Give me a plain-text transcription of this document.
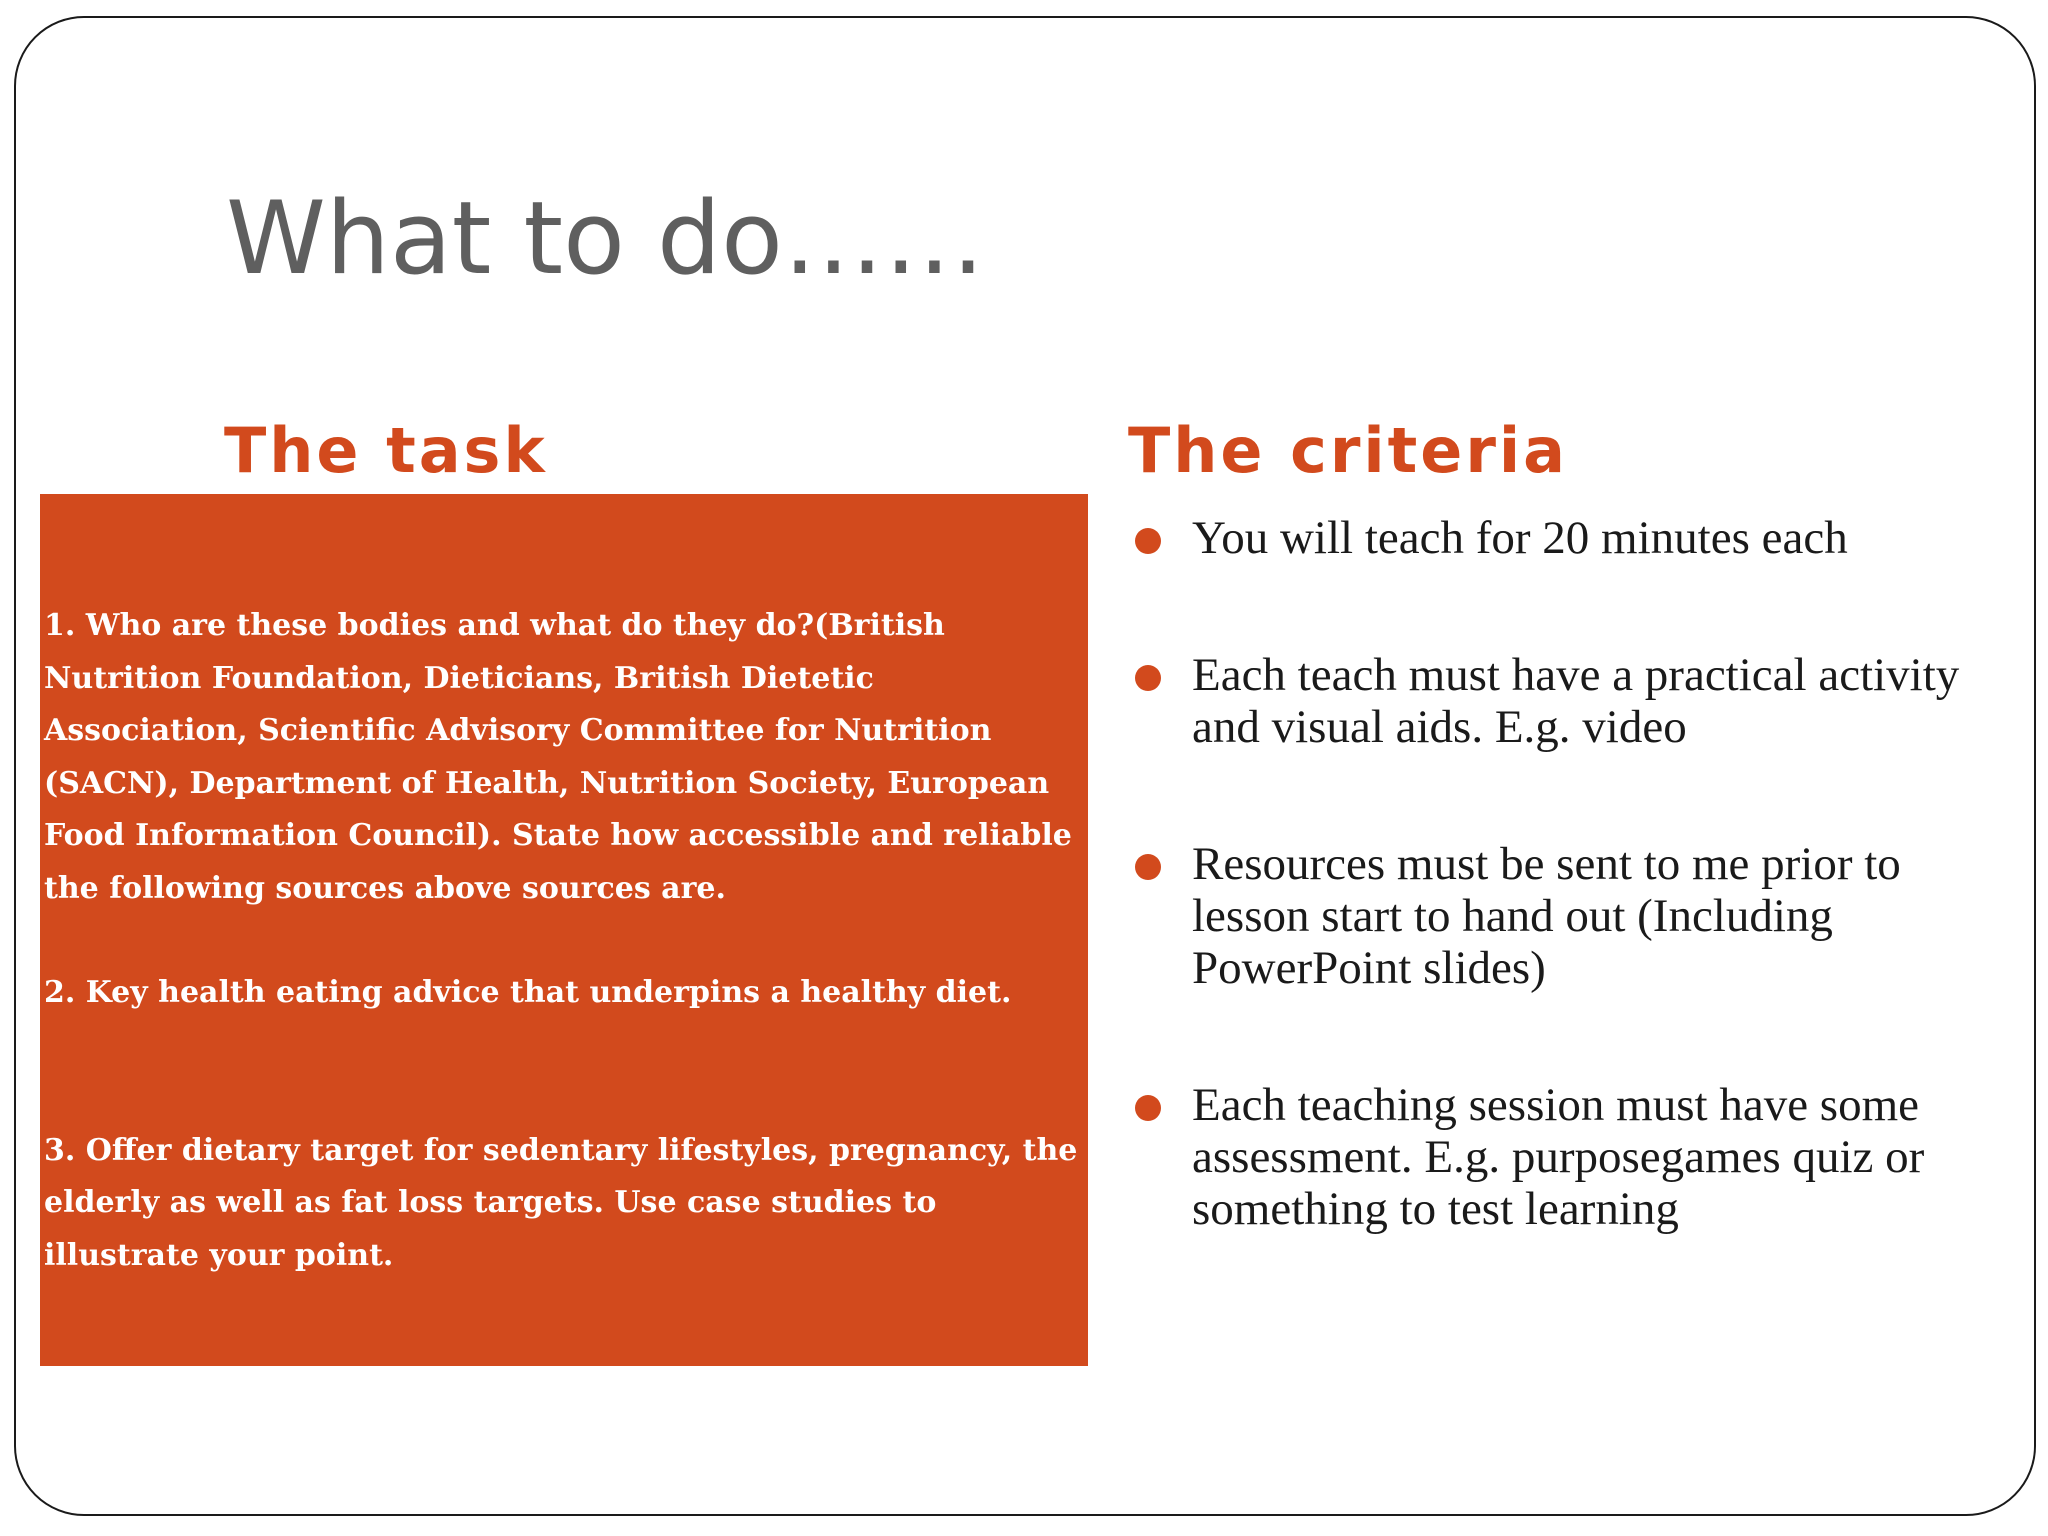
What to do……
The task	The criteria
1. Who are these bodies and what do they do?(British Nutrition Foundation, Dieticians, British Dietetic Association, Scientific Advisory Committee for Nutrition (SACN), Department of Health, Nutrition Society, European Food Information Council). State how accessible and reliable the following sources above sources are.
2. Key health eating advice that underpins a healthy diet.
3. Offer dietary target for sedentary lifestyles, pregnancy, the elderly as well as fat loss targets. Use case studies to illustrate your point.
You will teach for 20 minutes each
Each teach must have a practical activity and visual aids. E.g. video
Resources must be sent to me prior to lesson start to hand out (Including PowerPoint slides)
Each teaching session must have some assessment. E.g. purposegames quiz or something to test learning
